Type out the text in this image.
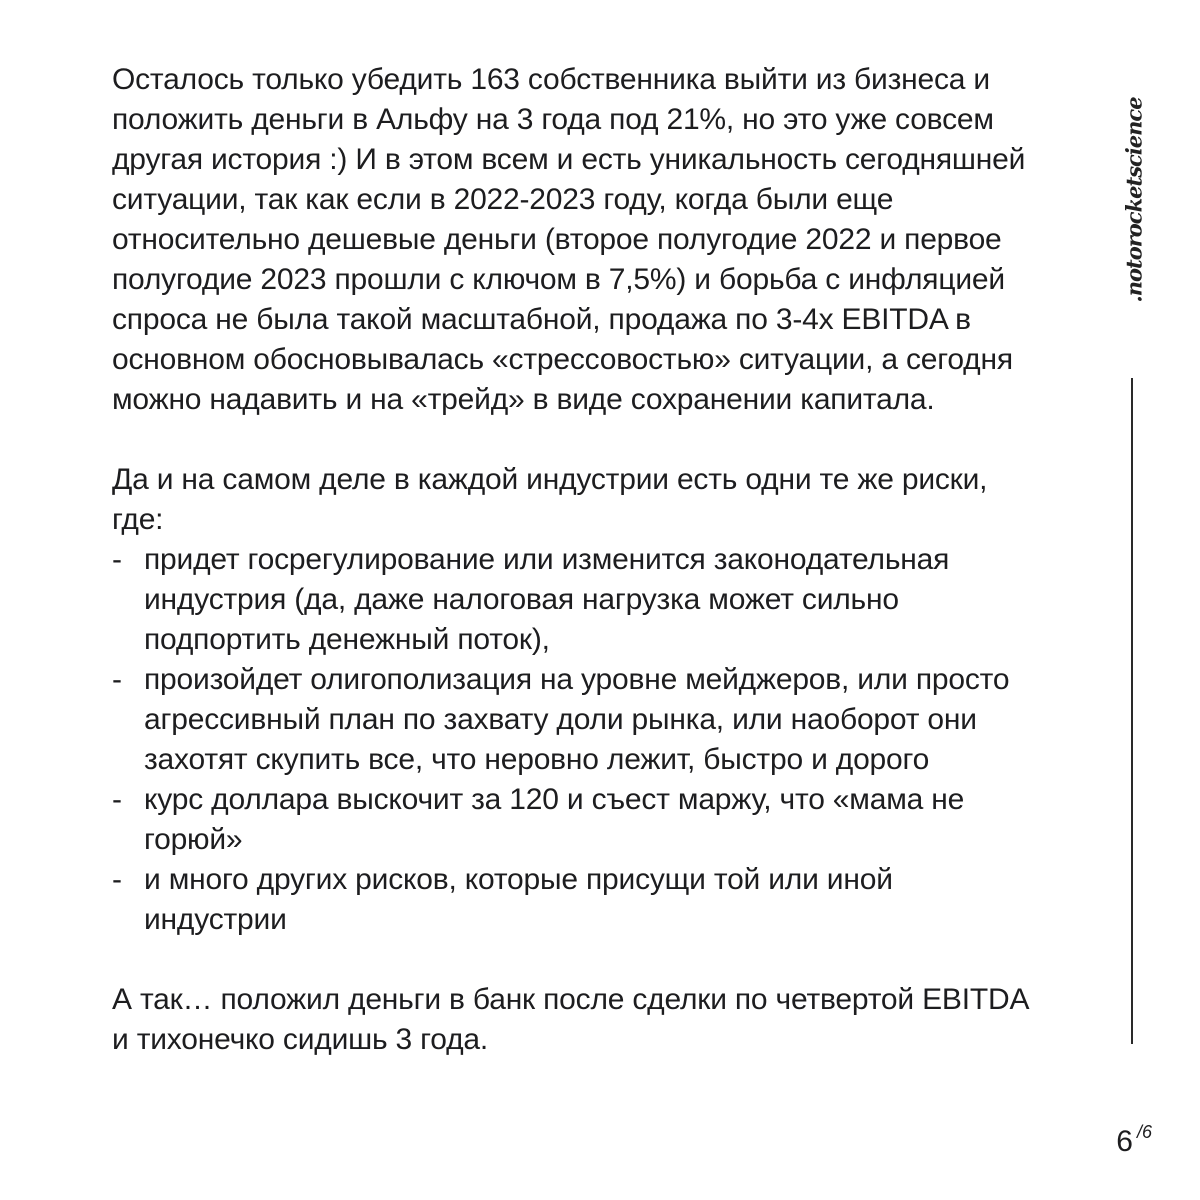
Осталось только убедить 163 собственника выйти из бизнеса и положить деньги в Альфу на 3 года под 21%, но это уже совсем другая история :) И в этом всем и есть уникальность сегодняшней ситуации, так как если в 2022-2023 году, когда были еще относительно дешевые деньги (второе полугодие 2022 и первое полугодие 2023 прошли с ключом в 7,5%) и борьба с инфляцией спроса не была такой масштабной, продажа по 3-4х EBITDA в основном обосновывалась «стрессовостью» ситуации, а сегодня можно надавить и на «трейд» в виде сохранении капитала.

Да и на самом деле в каждой индустрии есть одни те же риски, где:

- придет госрегулирование или изменится законодательная индустрия (да, даже налоговая нагрузка может сильно подпортить денежный поток),
- произойдет олигополизация на уровне мейджеров, или просто агрессивный план по захвату доли рынка, или наоборот они захотят скупить все, что неровно лежит, быстро и дорого
- курс доллара выскочит за 120 и съест маржу, что «мама не горюй»
- и много других рисков, которые присущи той или иной индустрии

А так… положил деньги в банк после сделки по четвертой EBITDA и тихонечко сидишь 3 года.

.notorocketscience
6 /6
